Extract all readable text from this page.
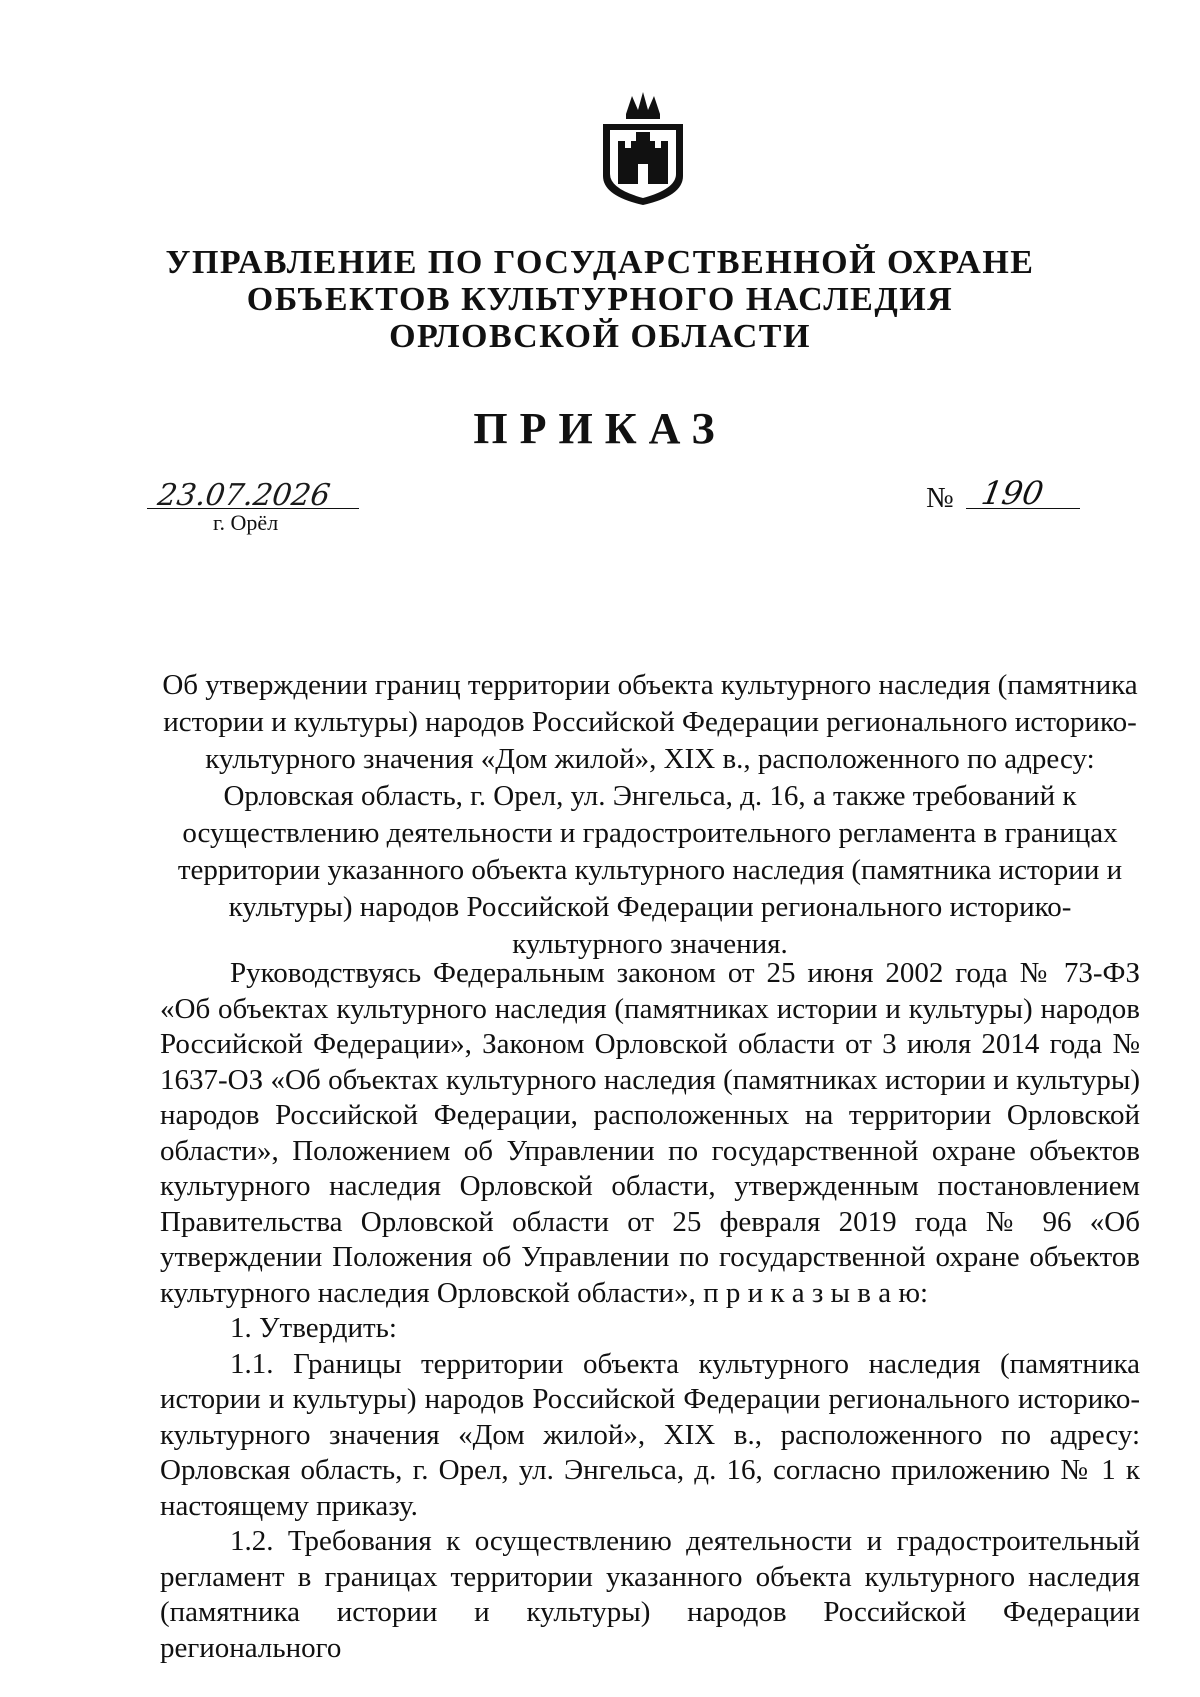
УПРАВЛЕНИЕ ПО ГОСУДАРСТВЕННОЙ ОХРАНЕ
ОБЪЕКТОВ КУЛЬТУРНОГО НАСЛЕДИЯ
ОРЛОВСКОЙ ОБЛАСТИ
ПРИКАЗ
23.07.2026
г. Орёл
№ 190

Об утверждении границ территории объекта культурного наследия (памятника истории и культуры) народов Российской Федерации регионального историко-культурного значения «Дом жилой», XIX в., расположенного по адресу: Орловская область, г. Орел, ул. Энгельса, д. 16, а также требований к осуществлению деятельности и градостроительного регламента в границах территории указанного объекта культурного наследия (памятника истории и культуры) народов Российской Федерации регионального историко-культурного значения.

Руководствуясь Федеральным законом от 25 июня 2002 года № 73-ФЗ «Об объектах культурного наследия (памятниках истории и культуры) народов Российской Федерации», Законом Орловской области от 3 июля 2014 года № 1637-ОЗ «Об объектах культурного наследия (памятниках истории и культуры) народов Российской Федерации, расположенных на территории Орловской области», Положением об Управлении по государственной охране объектов культурного наследия Орловской области, утвержденным постановлением Правительства Орловской области от 25 февраля 2019 года № 96 «Об утверждении Положения об Управлении по государственной охране объектов культурного наследия Орловской области», п р и к а з ы в а ю:

1. Утвердить:

1.1. Границы территории объекта культурного наследия (памятника истории и культуры) народов Российской Федерации регионального историко-культурного значения «Дом жилой», XIX в., расположенного по адресу: Орловская область, г. Орел, ул. Энгельса, д. 16, согласно приложению № 1 к настоящему приказу.

1.2. Требования к осуществлению деятельности и градостроительный регламент в границах территории указанного объекта культурного наследия (памятника истории и культуры) народов Российской Федерации регионального
